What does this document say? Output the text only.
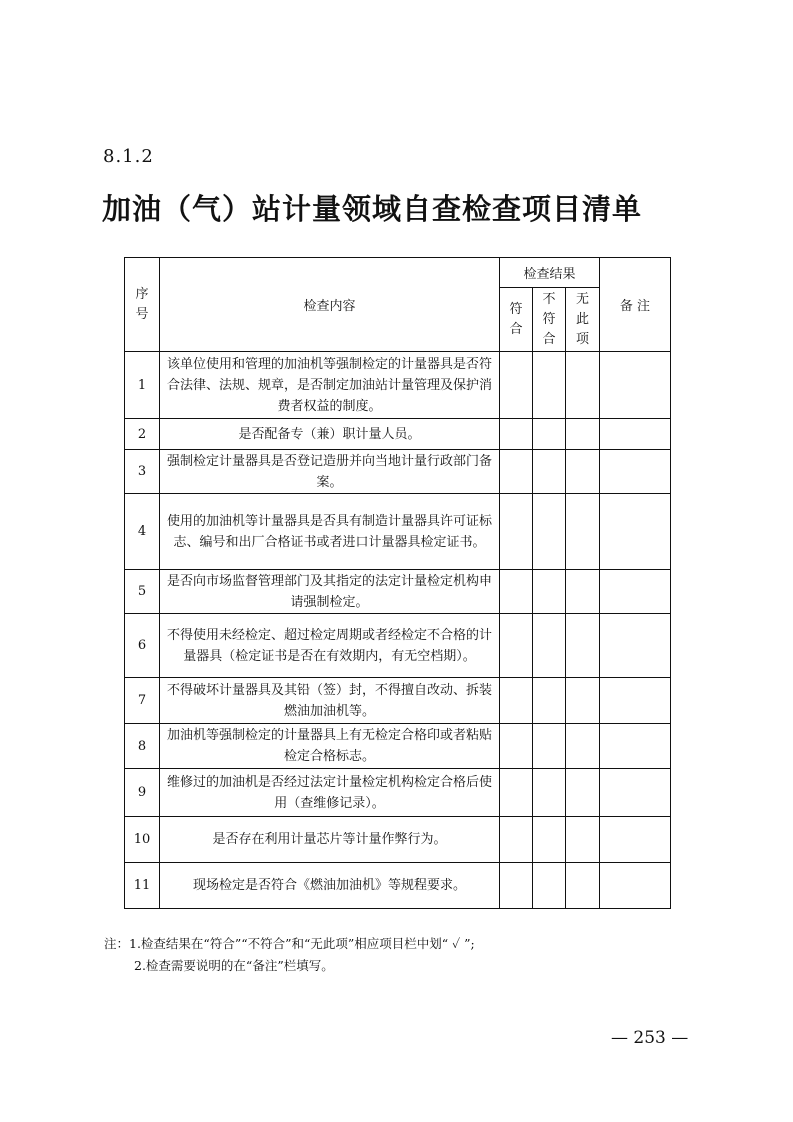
8.1.2
加油（气）站计量领域自查检查项目清单
序号	检查内容	检查结果			备 注
		符合	不符合	无此项	
1	该单位使用和管理的加油机等强制检定的计量器具是否符合法律、法规、规章，是否制定加油站计量管理及保护消费者权益的制度。				
2	是否配备专（兼）职计量人员。				
3	强制检定计量器具是否登记造册并向当地计量行政部门备案。				
4	使用的加油机等计量器具是否具有制造计量器具许可证标志、编号和出厂合格证书或者进口计量器具检定证书。				
5	是否向市场监督管理部门及其指定的法定计量检定机构申请强制检定。				
6	不得使用未经检定、超过检定周期或者经检定不合格的计量器具（检定证书是否在有效期内，有无空档期）。				
7	不得破坏计量器具及其铅（签）封，不得擅自改动、拆装燃油加油机等。				
8	加油机等强制检定的计量器具上有无检定合格印或者粘贴检定合格标志。				
9	维修过的加油机是否经过法定计量检定机构检定合格后使用（查维修记录）。				
10	是否存在利用计量芯片等计量作弊行为。				
11	现场检定是否符合《燃油加油机》等规程要求。				
注：1.检查结果在“符合”“不符合”和“无此项”相应项目栏中划“ ✓ ”;
2.检查需要说明的在“备注”栏填写。
— 253 —
